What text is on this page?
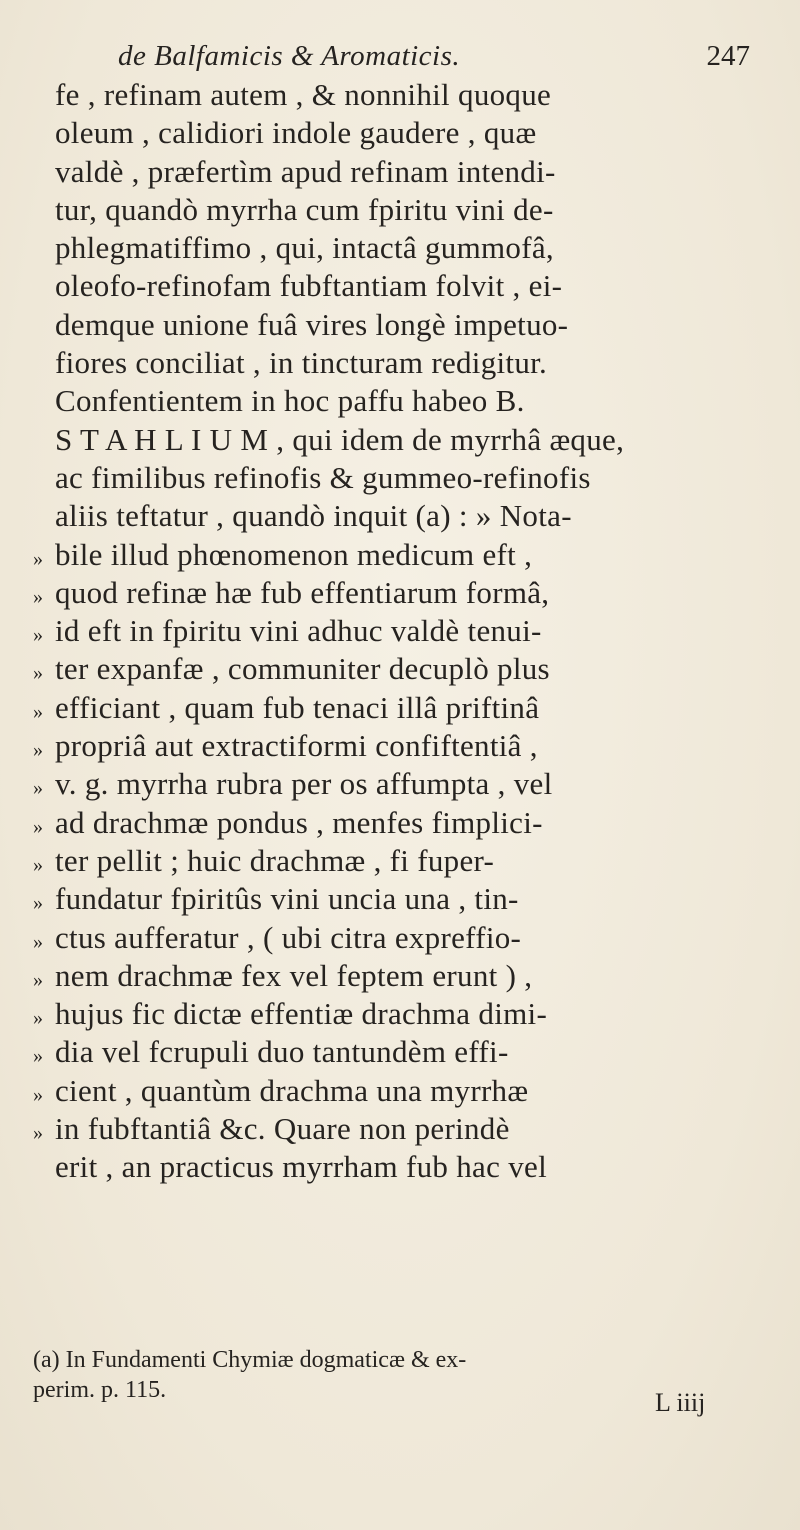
de Balfamicis & Aromaticis.	247
fe , refinam autem , & nonnihil quoque
oleum , calidiori indole gaudere , quæ
valdè , præfertìm apud refinam intendi-
tur, quandò myrrha cum fpiritu vini de-
phlegmatiffimo , qui, intactâ gummofâ,
oleofo-refinofam fubftantiam folvit , ei-
demque unione fuâ vires longè impetuo-
fiores conciliat , in tincturam redigitur.
Confentientem in hoc paffu habeo B.
S T A H L I U M , qui idem de myrrhâ æque,
ac fimilibus refinofis & gummeo-refinofis
aliis teftatur , quandò inquit (a) : » Nota-
» bile illud phœnomenon medicum eft ,
» quod refinæ hæ fub effentiarum formâ,
» id eft in fpiritu vini adhuc valdè tenui-
» ter expanfæ , communiter decuplò plus
» efficiant , quam fub tenaci illâ priftinâ
» propriâ aut extractiformi confiftentiâ ,
» v. g. myrrha rubra per os affumpta , vel
» ad drachmæ pondus , menfes fimplici-
» ter pellit ; huic drachmæ , fi fuper-
» fundatur fpiritûs vini uncia una , tin-
» ctus aufferatur , ( ubi citra expreffio-
» nem drachmæ fex vel feptem erunt ) ,
» hujus fic dictæ effentiæ drachma dimi-
» dia vel fcrupuli duo tantundèm effi-
» cient , quantùm drachma una myrrhæ
» in fubftantiâ &c. Quare non perindè
erit , an practicus myrrham fub hac vel
(a) In Fundamenti Chymiæ dogmaticæ & ex-
perim. p. 115.	L iiij
